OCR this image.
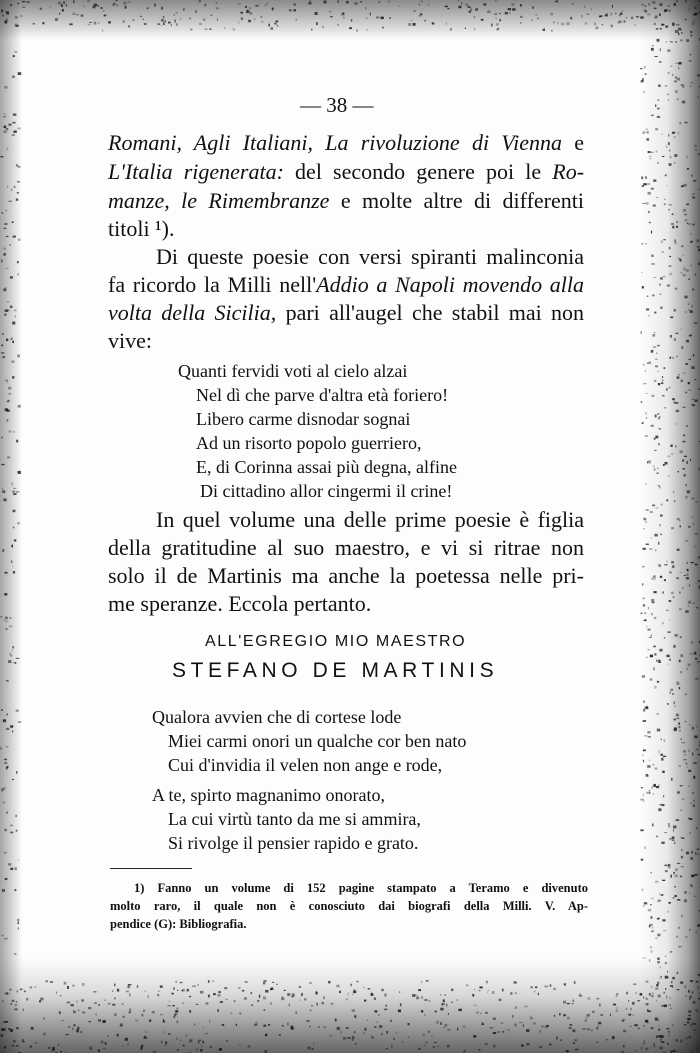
— 38 —
Romani, Agli Italiani, La rivoluzione di Vienna e
L'Italia rigenerata: del secondo genere poi le Ro-
manze, le Rimembranze e molte altre di differenti
titoli ¹).
Di queste poesie con versi spiranti malinconia
fa ricordo la Milli nell'Addio a Napoli movendo alla
volta della Sicilia, pari all'augel che stabil mai non
vive:
Quanti fervidi voti al cielo alzai
Nel dì che parve d'altra età foriero!
Libero carme disnodar sognai
Ad un risorto popolo guerriero,
E, di Corinna assai più degna, alfine
Di cittadino allor cingermi il crine!
In quel volume una delle prime poesie è figlia
della gratitudine al suo maestro, e vi si ritrae non
solo il de Martinis ma anche la poetessa nelle pri-
me speranze. Eccola pertanto.
ALL'EGREGIO MIO MAESTRO
STEFANO DE MARTINIS
Qualora avvien che di cortese lode
Miei carmi onori un qualche cor ben nato
Cui d'invidia il velen non ange e rode,
A te, spirto magnanimo onorato,
La cui virtù tanto da me si ammira,
Si rivolge il pensier rapido e grato.
1) Fanno un volume di 152 pagine stampato a Teramo e divenuto
molto raro, il quale non è conosciuto dai biografi della Milli. V. Ap-
pendice (G): Bibliografia.
